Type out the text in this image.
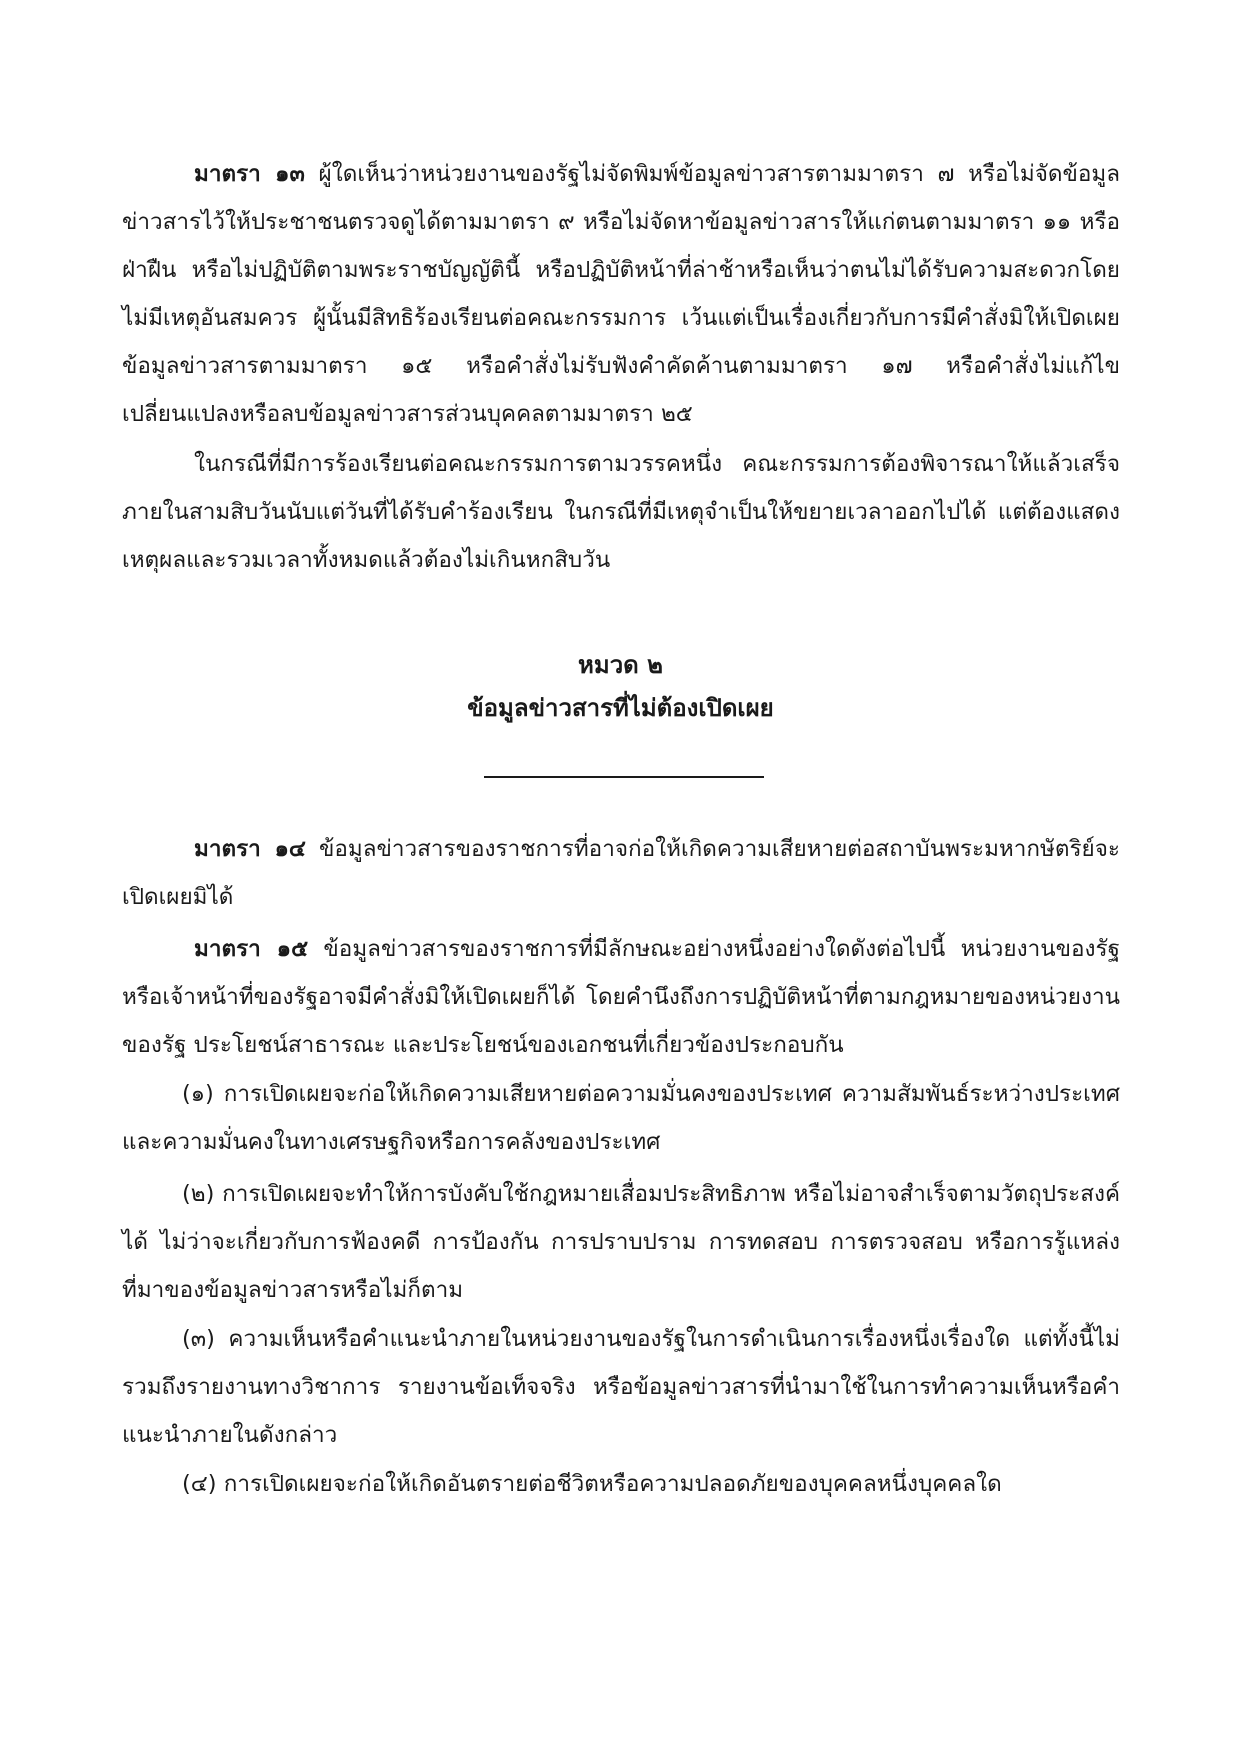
มาตรา ๑๓ ผู้ใดเห็นว่าหน่วยงานของรัฐไม่จัดพิมพ์ข้อมูลข่าวสารตามมาตรา ๗ หรือไม่จัดข้อมูลข่าวสารไว้ให้ประชาชนตรวจดูได้ตามมาตรา ๙ หรือไม่จัดหาข้อมูลข่าวสารให้แก่ตนตามมาตรา ๑๑ หรือฝ่าฝืน หรือไม่ปฏิบัติตามพระราชบัญญัตินี้ หรือปฏิบัติหน้าที่ล่าช้าหรือเห็นว่าตนไม่ได้รับความสะดวกโดยไม่มีเหตุอันสมควร ผู้นั้นมีสิทธิร้องเรียนต่อคณะกรรมการ เว้นแต่เป็นเรื่องเกี่ยวกับการมีคำสั่งมิให้เปิดเผยข้อมูลข่าวสารตามมาตรา ๑๕ หรือคำสั่งไม่รับฟังคำคัดค้านตามมาตรา ๑๗ หรือคำสั่งไม่แก้ไขเปลี่ยนแปลงหรือลบข้อมูลข่าวสารส่วนบุคคลตามมาตรา ๒๕

ในกรณีที่มีการร้องเรียนต่อคณะกรรมการตามวรรคหนึ่ง คณะกรรมการต้องพิจารณาให้แล้วเสร็จภายในสามสิบวันนับแต่วันที่ได้รับคำร้องเรียน ในกรณีที่มีเหตุจำเป็นให้ขยายเวลาออกไปได้ แต่ต้องแสดงเหตุผลและรวมเวลาทั้งหมดแล้วต้องไม่เกินหกสิบวัน

หมวด ๒

ข้อมูลข่าวสารที่ไม่ต้องเปิดเผย

มาตรา ๑๔ ข้อมูลข่าวสารของราชการที่อาจก่อให้เกิดความเสียหายต่อสถาบันพระมหากษัตริย์จะเปิดเผยมิได้

มาตรา ๑๕ ข้อมูลข่าวสารของราชการที่มีลักษณะอย่างหนึ่งอย่างใดดังต่อไปนี้ หน่วยงานของรัฐหรือเจ้าหน้าที่ของรัฐอาจมีคำสั่งมิให้เปิดเผยก็ได้ โดยคำนึงถึงการปฏิบัติหน้าที่ตามกฎหมายของหน่วยงานของรัฐ ประโยชน์สาธารณะ และประโยชน์ของเอกชนที่เกี่ยวข้องประกอบกัน

(๑) การเปิดเผยจะก่อให้เกิดความเสียหายต่อความมั่นคงของประเทศ ความสัมพันธ์ระหว่างประเทศ และความมั่นคงในทางเศรษฐกิจหรือการคลังของประเทศ

(๒) การเปิดเผยจะทำให้การบังคับใช้กฎหมายเสื่อมประสิทธิภาพ หรือไม่อาจสำเร็จตามวัตถุประสงค์ได้ ไม่ว่าจะเกี่ยวกับการฟ้องคดี การป้องกัน การปราบปราม การทดสอบ การตรวจสอบ หรือการรู้แหล่งที่มาของข้อมูลข่าวสารหรือไม่ก็ตาม

(๓) ความเห็นหรือคำแนะนำภายในหน่วยงานของรัฐในการดำเนินการเรื่องหนึ่งเรื่องใด แต่ทั้งนี้ไม่รวมถึงรายงานทางวิชาการ รายงานข้อเท็จจริง หรือข้อมูลข่าวสารที่นำมาใช้ในการทำความเห็นหรือคำแนะนำภายในดังกล่าว

(๔) การเปิดเผยจะก่อให้เกิดอันตรายต่อชีวิตหรือความปลอดภัยของบุคคลหนึ่งบุคคลใด
